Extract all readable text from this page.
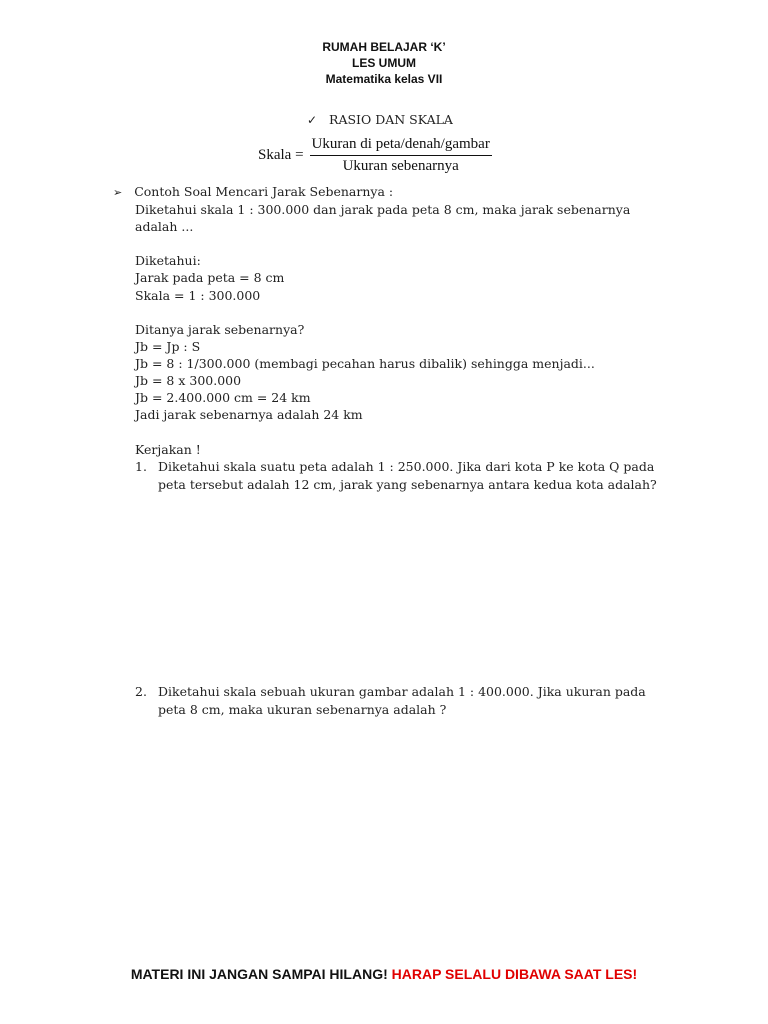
RUMAH BELAJAR ‘K’
LES UMUM
Matematika kelas VII
✓ RASIO DAN SKALA
Skala = $\frac{\text{Ukuran di peta/denah/gambar}}{\text{Ukuran sebenarnya}}$
➢ Contoh Soal Mencari Jarak Sebenarnya :
Diketahui skala 1 : 300.000 dan jarak pada peta 8 cm, maka jarak sebenarnya
adalah ...
Diketahui:
Jarak pada peta = 8 cm
Skala = 1 : 300.000
Ditanya jarak sebenarnya?
Jb = Jp : S
Jb = 8 : 1/300.000 (membagi pecahan harus dibalik) sehingga menjadi...
Jb = 8 x 300.000
Jb = 2.400.000 cm = 24 km
Jadi jarak sebenarnya adalah 24 km
Kerjakan !
1. Diketahui skala suatu peta adalah 1 : 250.000. Jika dari kota P ke kota Q pada
peta tersebut adalah 12 cm, jarak yang sebenarnya antara kedua kota adalah?
2. Diketahui skala sebuah ukuran gambar adalah 1 : 400.000. Jika ukuran pada
peta 8 cm, maka ukuran sebenarnya adalah ?
MATERI INI JANGAN SAMPAI HILANG! HARAP SELALU DIBAWA SAAT LES!
